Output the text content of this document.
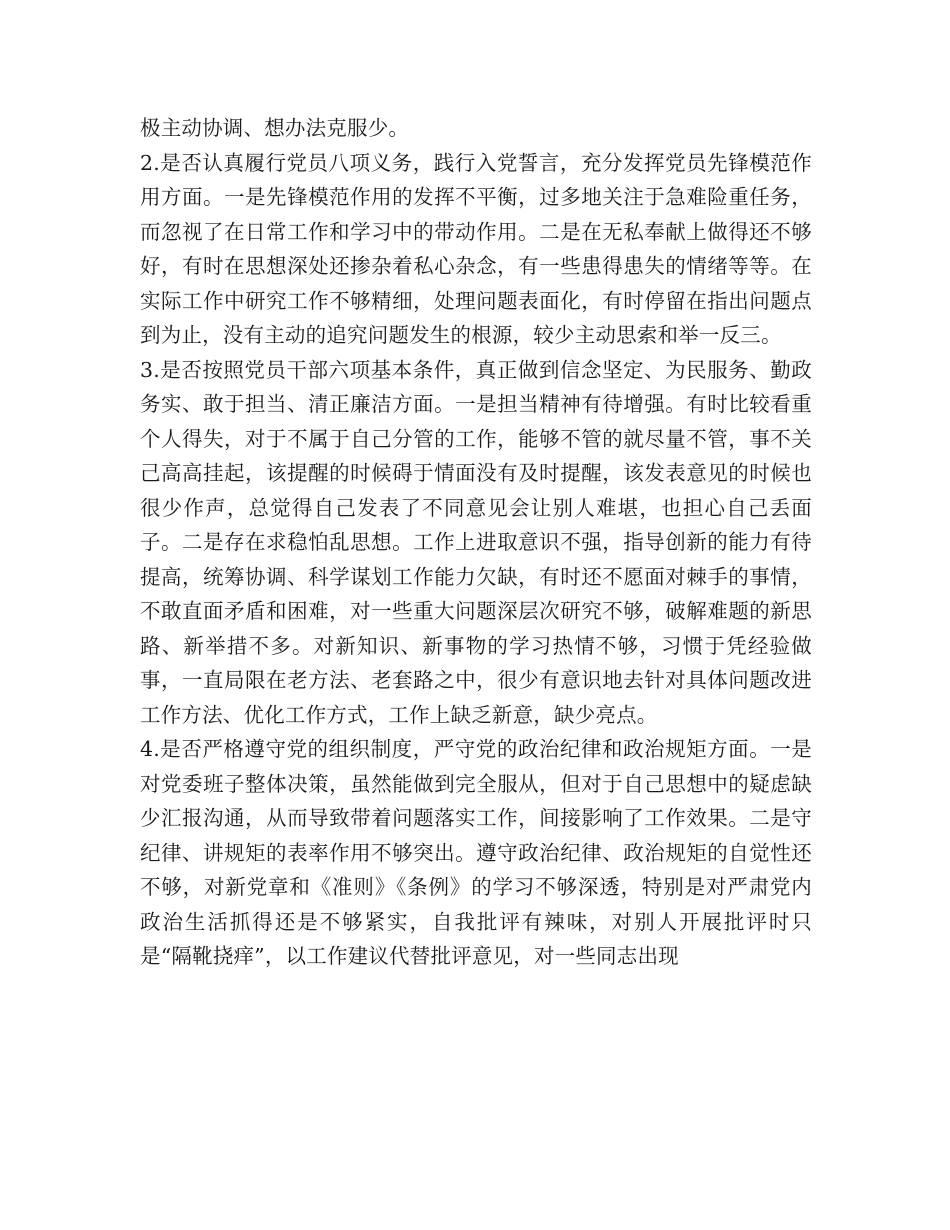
极主动协调、想办法克服少。

2.是否认真履行党员八项义务，践行入党誓言，充分发挥党员先锋模范作用方面。一是先锋模范作用的发挥不平衡，过多地关注于急难险重任务，而忽视了在日常工作和学习中的带动作用。二是在无私奉献上做得还不够好，有时在思想深处还掺杂着私心杂念，有一些患得患失的情绪等等。在实际工作中研究工作不够精细，处理问题表面化，有时停留在指出问题点到为止，没有主动的追究问题发生的根源，较少主动思索和举一反三。

3.是否按照党员干部六项基本条件，真正做到信念坚定、为民服务、勤政务实、敢于担当、清正廉洁方面。一是担当精神有待增强。有时比较看重个人得失，对于不属于自己分管的工作，能够不管的就尽量不管，事不关己高高挂起，该提醒的时候碍于情面没有及时提醒，该发表意见的时候也很少作声，总觉得自己发表了不同意见会让别人难堪，也担心自己丢面子。二是存在求稳怕乱思想。工作上进取意识不强，指导创新的能力有待提高，统筹协调、科学谋划工作能力欠缺，有时还不愿面对棘手的事情，不敢直面矛盾和困难，对一些重大问题深层次研究不够，破解难题的新思路、新举措不多。对新知识、新事物的学习热情不够，习惯于凭经验做事，一直局限在老方法、老套路之中，很少有意识地去针对具体问题改进工作方法、优化工作方式，工作上缺乏新意，缺少亮点。

4.是否严格遵守党的组织制度，严守党的政治纪律和政治规矩方面。一是对党委班子整体决策，虽然能做到完全服从，但对于自己思想中的疑虑缺少汇报沟通，从而导致带着问题落实工作，间接影响了工作效果。二是守纪律、讲规矩的表率作用不够突出。遵守政治纪律、政治规矩的自觉性还不够，对新党章和《准则》《条例》的学习不够深透，特别是对严肃党内政治生活抓得还是不够紧实，自我批评有辣味，对别人开展批评时只是“隔靴挠痒”，以工作建议代替批评意见，对一些同志出现
